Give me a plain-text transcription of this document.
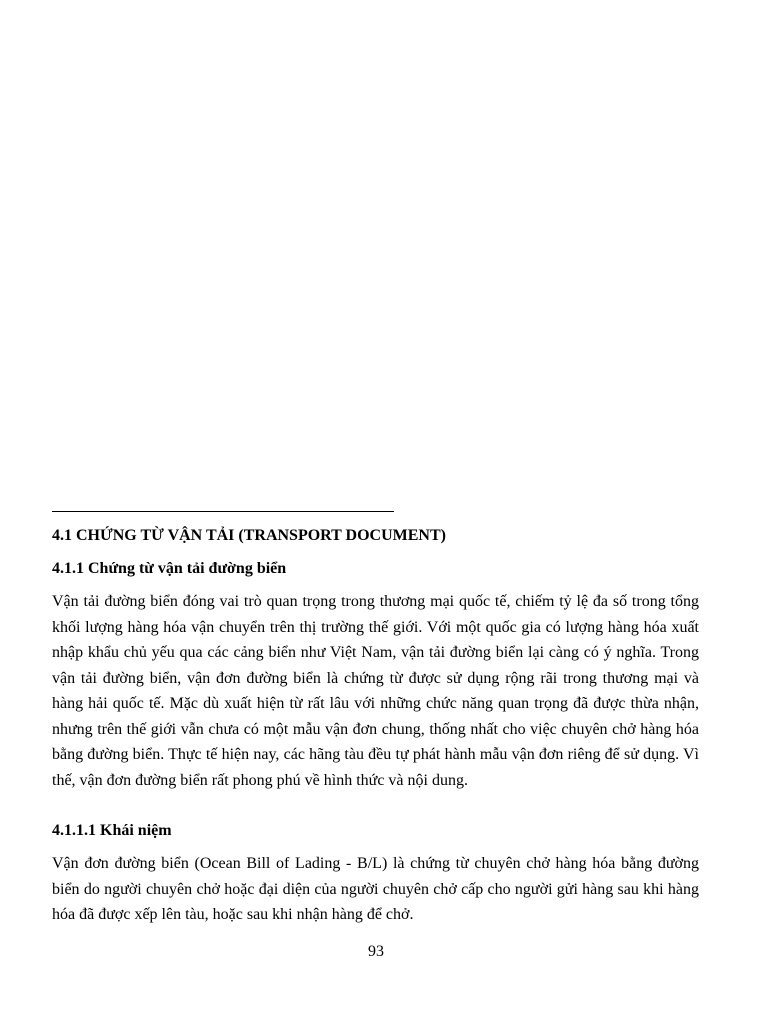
4.1 CHỨNG TỪ VẬN TẢI (TRANSPORT DOCUMENT)
4.1.1 Chứng từ vận tải đường biển

Vận tải đường biển đóng vai trò quan trọng trong thương mại quốc tế, chiếm tỷ lệ đa số trong tổng khối lượng hàng hóa vận chuyển trên thị trường thế giới. Với một quốc gia có lượng hàng hóa xuất nhập khẩu chủ yếu qua các cảng biển như Việt Nam, vận tải đường biển lại càng có ý nghĩa. Trong vận tải đường biển, vận đơn đường biển là chứng từ được sử dụng rộng rãi trong thương mại và hàng hải quốc tế. Mặc dù xuất hiện từ rất lâu với những chức năng quan trọng đã được thừa nhận, nhưng trên thế giới vẫn chưa có một mẫu vận đơn chung, thống nhất cho việc chuyên chở hàng hóa bằng đường biển. Thực tế hiện nay, các hãng tàu đều tự phát hành mẫu vận đơn riêng để sử dụng. Vì thế, vận đơn đường biển rất phong phú về hình thức và nội dung.

4.1.1.1 Khái niệm

Vận đơn đường biển (Ocean Bill of Lading - B/L) là chứng từ chuyên chở hàng hóa bằng đường biển do người chuyên chở hoặc đại diện của người chuyên chở cấp cho người gửi hàng sau khi hàng hóa đã được xếp lên tàu, hoặc sau khi nhận hàng để chở.

93
